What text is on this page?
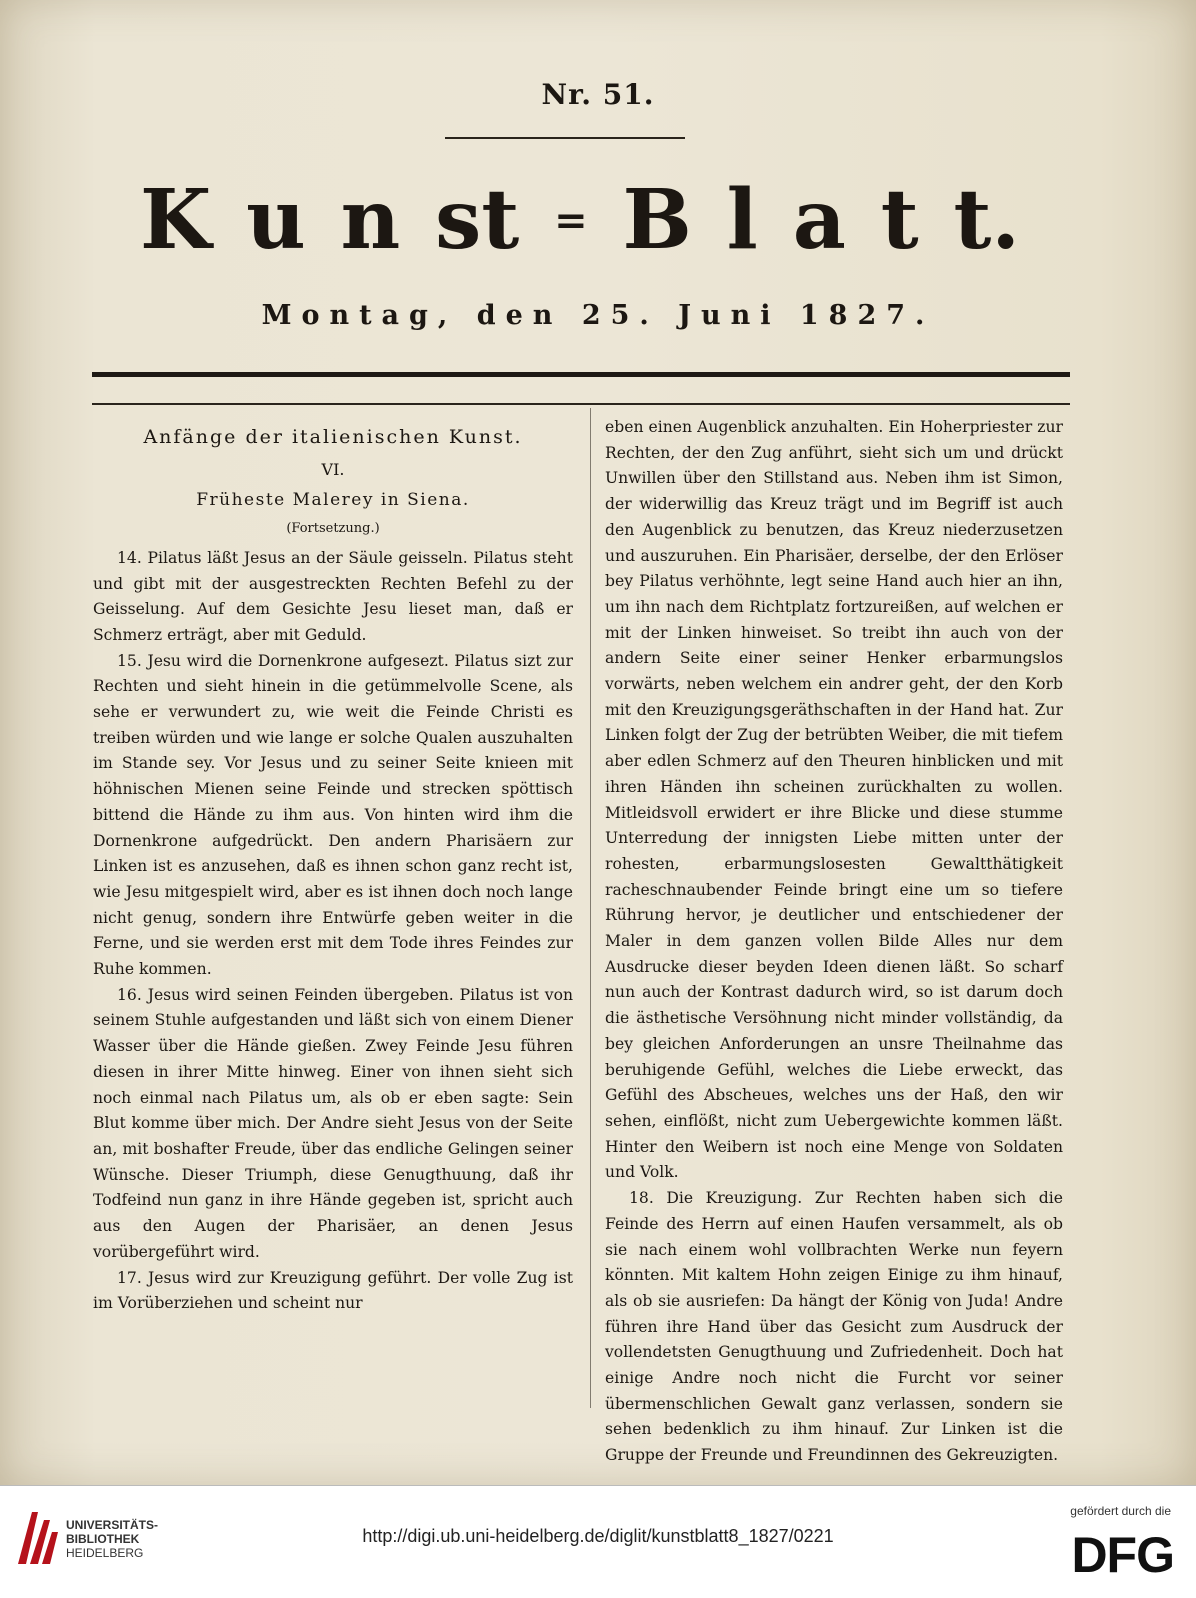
Nr. 51.
K u n st = B l a t t.
Montag, den 25. Juni 1827.
Anfänge der italienischen Kunst.
VI.
Früheste Malerey in Siena.
(Fortsetzung.)

14. Pilatus läßt Jesus an der Säule geisseln. Pilatus steht und gibt mit der ausgestreckten Rechten Befehl zu der Geisselung. Auf dem Gesichte Jesu lieset man, daß er Schmerz erträgt, aber mit Geduld.

15. Jesu wird die Dornenkrone aufgesezt. Pilatus sizt zur Rechten und sieht hinein in die getümmelvolle Scene, als sehe er verwundert zu, wie weit die Feinde Christi es treiben würden und wie lange er solche Qualen auszuhalten im Stande sey. Vor Jesus und zu seiner Seite knieen mit höhnischen Mienen seine Feinde und strecken spöttisch bittend die Hände zu ihm aus. Von hinten wird ihm die Dornenkrone aufgedrückt. Den andern Pharisäern zur Linken ist es anzusehen, daß es ihnen schon ganz recht ist, wie Jesu mitgespielt wird, aber es ist ihnen doch noch lange nicht genug, sondern ihre Entwürfe geben weiter in die Ferne, und sie werden erst mit dem Tode ihres Feindes zur Ruhe kommen.

16. Jesus wird seinen Feinden übergeben. Pilatus ist von seinem Stuhle aufgestanden und läßt sich von einem Diener Wasser über die Hände gießen. Zwey Feinde Jesu führen diesen in ihrer Mitte hinweg. Einer von ihnen sieht sich noch einmal nach Pilatus um, als ob er eben sagte: Sein Blut komme über mich. Der Andre sieht Jesus von der Seite an, mit boshafter Freude, über das endliche Gelingen seiner Wünsche. Dieser Triumph, diese Genugthuung, daß ihr Todfeind nun ganz in ihre Hände gegeben ist, spricht auch aus den Augen der Pharisäer, an denen Jesus vorübergeführt wird.

17. Jesus wird zur Kreuzigung geführt. Der volle Zug ist im Vorüberziehen und scheint nur

eben einen Augenblick anzuhalten. Ein Hoherpriester zur Rechten, der den Zug anführt, sieht sich um und drückt Unwillen über den Stillstand aus. Neben ihm ist Simon, der widerwillig das Kreuz trägt und im Begriff ist auch den Augenblick zu benutzen, das Kreuz niederzusetzen und auszuruhen. Ein Pharisäer, derselbe, der den Erlöser bey Pilatus verhöhnte, legt seine Hand auch hier an ihn, um ihn nach dem Richtplatz fortzureißen, auf welchen er mit der Linken hinweiset. So treibt ihn auch von der andern Seite einer seiner Henker erbarmungslos vorwärts, neben welchem ein andrer geht, der den Korb mit den Kreuzigungsgeräthschaften in der Hand hat. Zur Linken folgt der Zug der betrübten Weiber, die mit tiefem aber edlen Schmerz auf den Theuren hinblicken und mit ihren Händen ihn scheinen zurückhalten zu wollen. Mitleidsvoll erwidert er ihre Blicke und diese stumme Unterredung der innigsten Liebe mitten unter der rohesten, erbarmungslosesten Gewaltthätigkeit racheschnaubender Feinde bringt eine um so tiefere Rührung hervor, je deutlicher und entschiedener der Maler in dem ganzen vollen Bilde Alles nur dem Ausdrucke dieser beyden Ideen dienen läßt. So scharf nun auch der Kontrast dadurch wird, so ist darum doch die ästhetische Versöhnung nicht minder vollständig, da bey gleichen Anforderungen an unsre Theilnahme das beruhigende Gefühl, welches die Liebe erweckt, das Gefühl des Abscheues, welches uns der Haß, den wir sehen, einflößt, nicht zum Uebergewichte kommen läßt. Hinter den Weibern ist noch eine Menge von Soldaten und Volk.

18. Die Kreuzigung. Zur Rechten haben sich die Feinde des Herrn auf einen Haufen versammelt, als ob sie nach einem wohl vollbrachten Werke nun feyern könnten. Mit kaltem Hohn zeigen Einige zu ihm hinauf, als ob sie ausriefen: Da hängt der König von Juda! Andre führen ihre Hand über das Gesicht zum Ausdruck der vollendetsten Genugthuung und Zufriedenheit. Doch hat einige Andre noch nicht die Furcht vor seiner übermenschlichen Gewalt ganz verlassen, sondern sie sehen bedenklich zu ihm hinauf. Zur Linken ist die Gruppe der Freunde und Freundinnen des Gekreuzigten.

UNIVERSITÄTS-
BIBLIOTHEK
HEIDELBERG
http://digi.ub.uni-heidelberg.de/diglit/kunstblatt8_1827/0221
gefördert durch die
DFG
